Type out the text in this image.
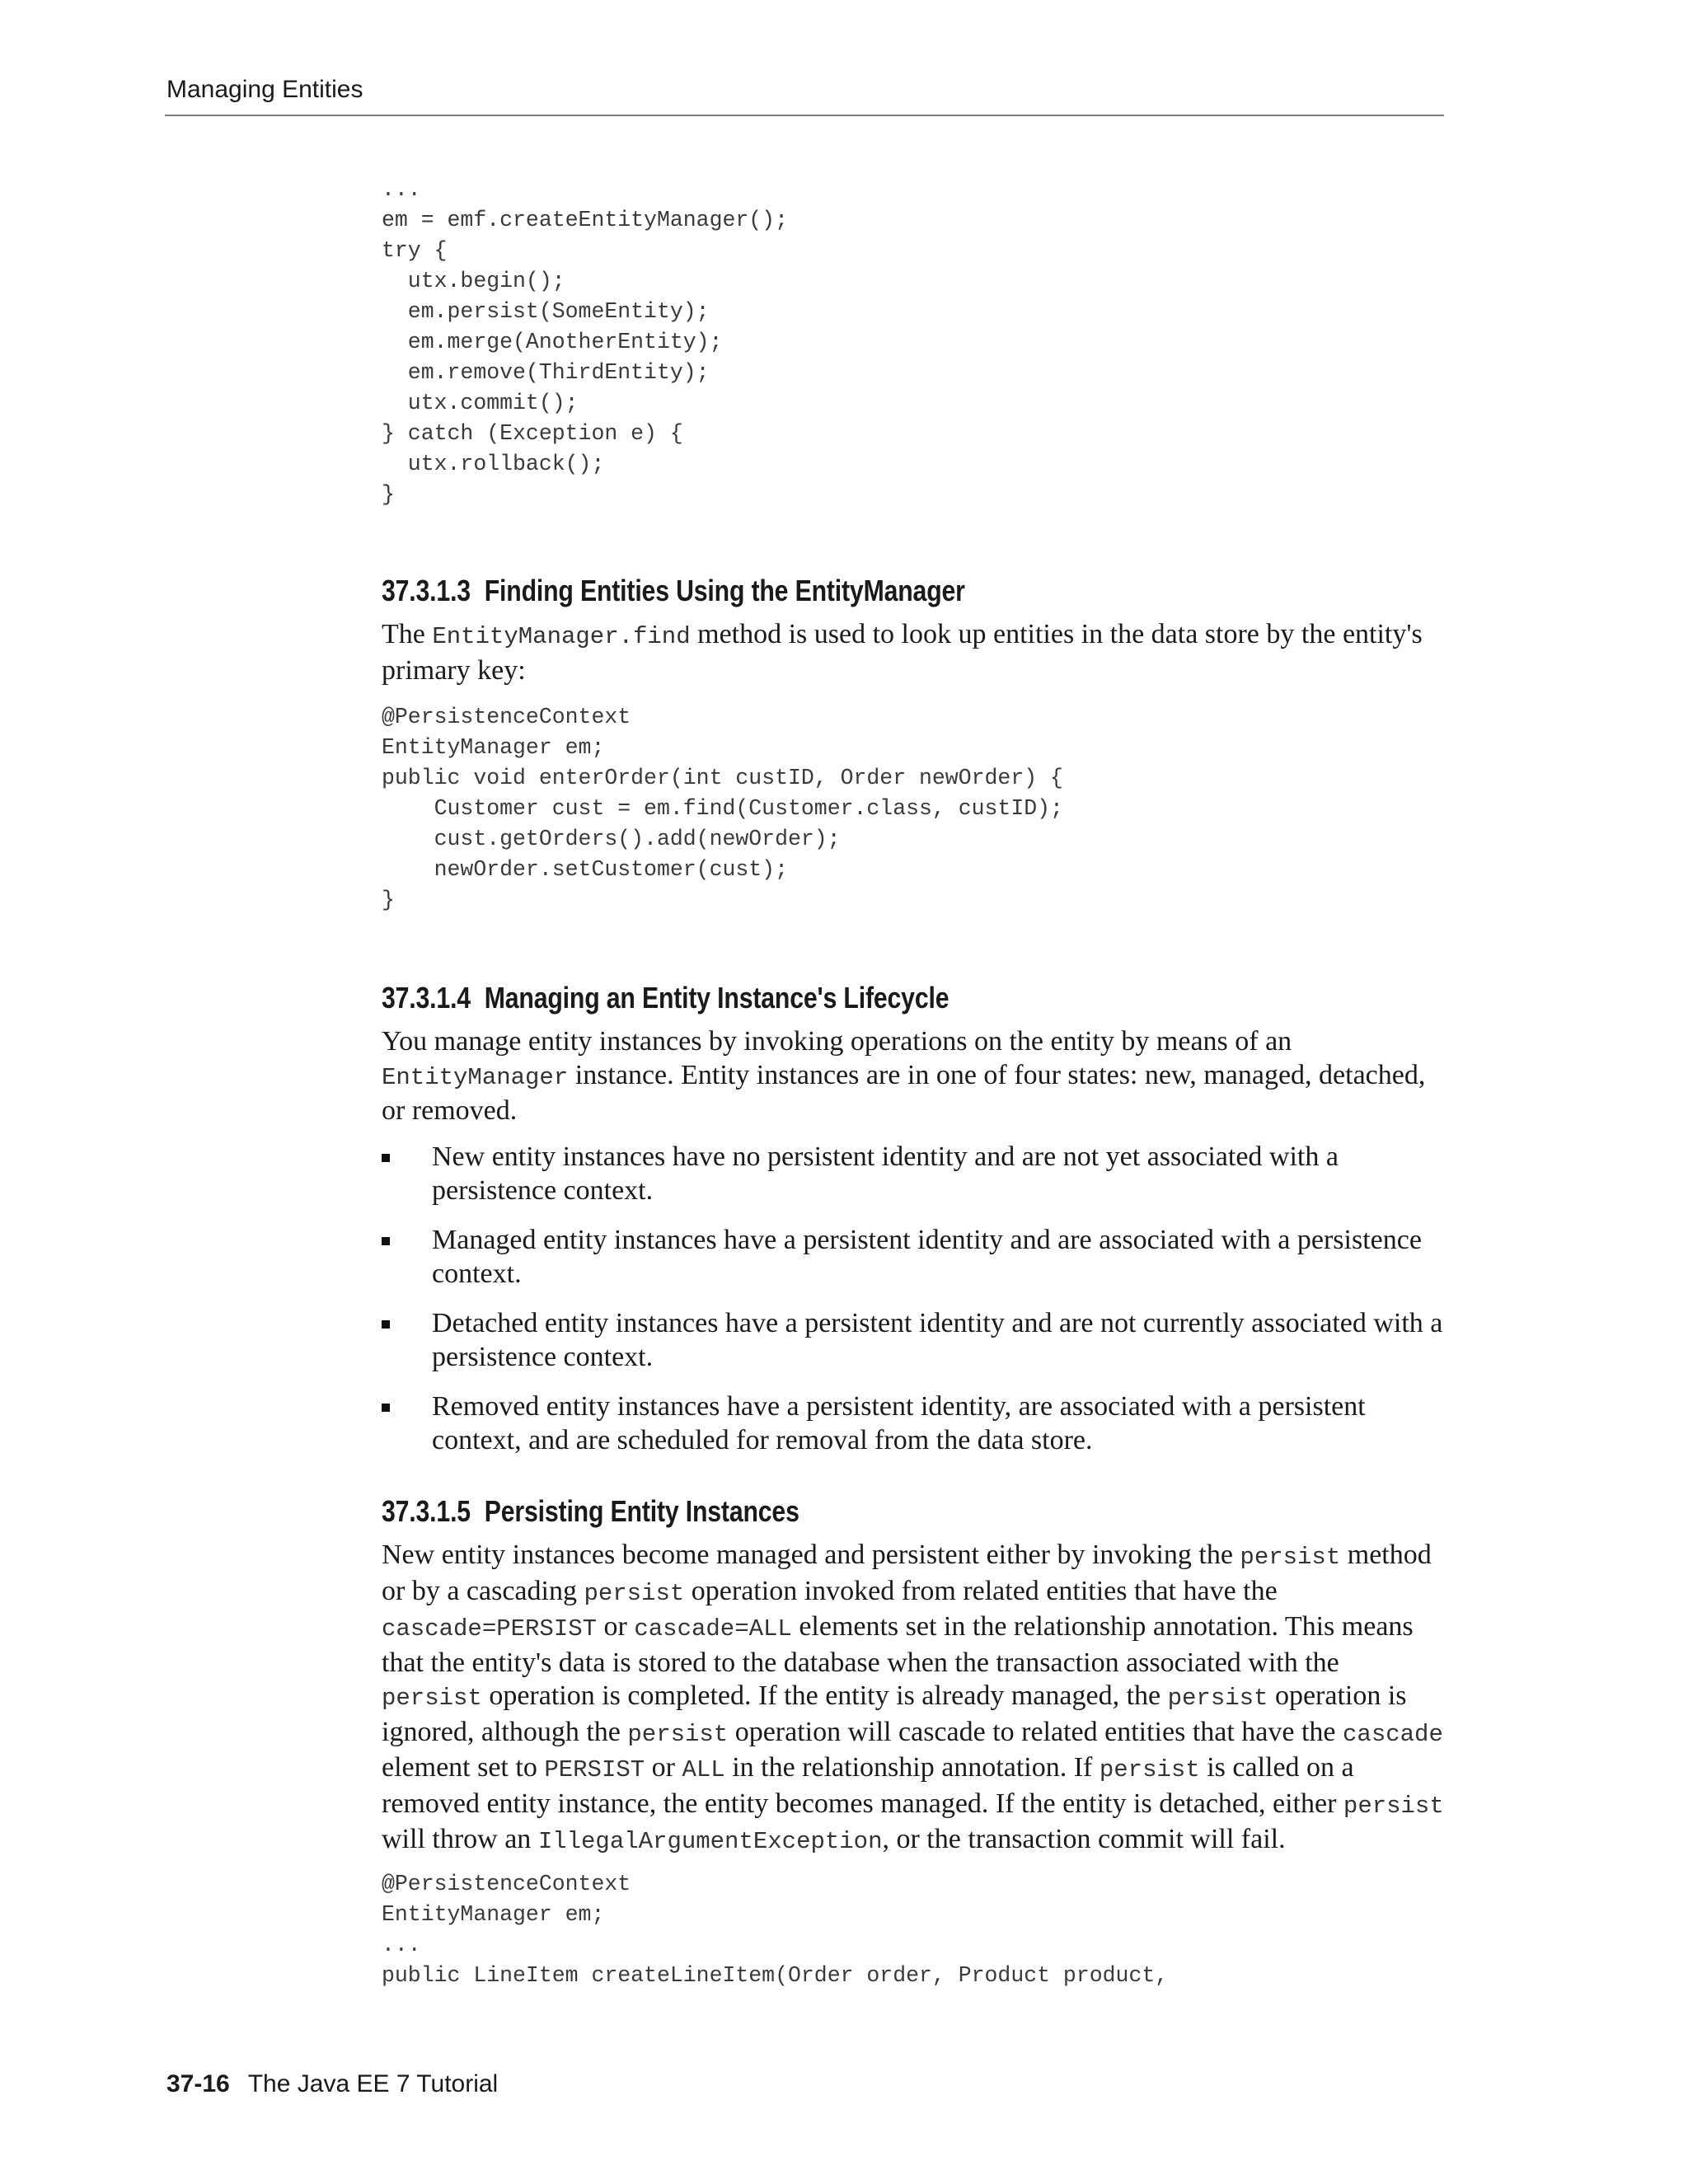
Managing Entities
...
em = emf.createEntityManager();
try {
utx.begin();
em.persist(SomeEntity);
em.merge(AnotherEntity);
em.remove(ThirdEntity);
utx.commit();
} catch (Exception e) {
utx.rollback();
}
37.3.1.3 Finding Entities Using the EntityManager

The EntityManager.find method is used to look up entities in the data store by the entity's primary key:

@PersistenceContext
EntityManager em;
public void enterOrder(int custID, Order newOrder) {
Customer cust = em.find(Customer.class, custID);
cust.getOrders().add(newOrder);
newOrder.setCustomer(cust);
}
37.3.1.4 Managing an Entity Instance's Lifecycle

You manage entity instances by invoking operations on the entity by means of an EntityManager instance. Entity instances are in one of four states: new, managed, detached, or removed.

New entity instances have no persistent identity and are not yet associated with a persistence context.
Managed entity instances have a persistent identity and are associated with a persistence context.
Detached entity instances have a persistent identity and are not currently associated with a persistence context.
Removed entity instances have a persistent identity, are associated with a persistent context, and are scheduled for removal from the data store.
37.3.1.5 Persisting Entity Instances

New entity instances become managed and persistent either by invoking the persist method or by a cascading persist operation invoked from related entities that have the cascade=PERSIST or cascade=ALL elements set in the relationship annotation. This means that the entity's data is stored to the database when the transaction associated with the persist operation is completed. If the entity is already managed, the persist operation is ignored, although the persist operation will cascade to related entities that have the cascade element set to PERSIST or ALL in the relationship annotation. If persist is called on a removed entity instance, the entity becomes managed. If the entity is detached, either persist will throw an IllegalArgumentException, or the transaction commit will fail.

@PersistenceContext
EntityManager em;
...
public LineItem createLineItem(Order order, Product product,
37-16 The Java EE 7 Tutorial
